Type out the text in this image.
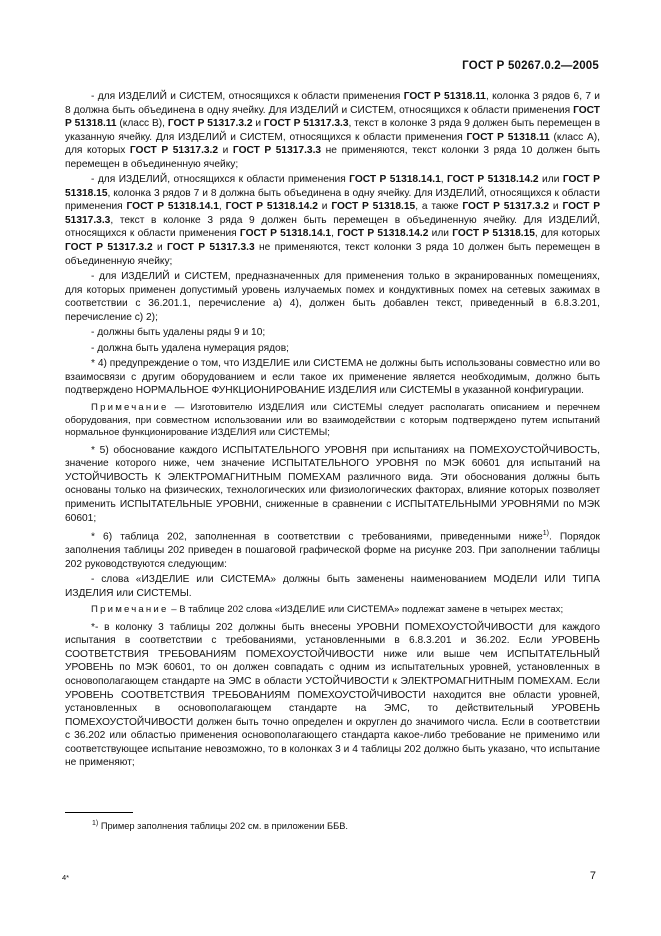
ГОСТ Р 50267.0.2—2005

- для ИЗДЕЛИЙ и СИСТЕМ, относящихся к области применения ГОСТ Р 51318.11, колонка 3 рядов 6, 7 и 8 должна быть объединена в одну ячейку. Для ИЗДЕЛИЙ и СИСТЕМ, относящихся к области применения ГОСТ Р 51318.11 (класс В), ГОСТ Р 51317.3.2 и ГОСТ Р 51317.3.3, текст в колонке 3 ряда 9 должен быть перемещен в указанную ячейку. Для ИЗДЕЛИЙ и СИСТЕМ, относящихся к области применения ГОСТ Р 51318.11 (класс А), для которых ГОСТ Р 51317.3.2 и ГОСТ Р 51317.3.3 не применяются, текст колонки 3 ряда 10 должен быть перемещен в объединенную ячейку;

- для ИЗДЕЛИЙ, относящихся к области применения ГОСТ Р 51318.14.1, ГОСТ Р 51318.14.2 или ГОСТ Р 51318.15, колонка 3 рядов 7 и 8 должна быть объединена в одну ячейку. Для ИЗДЕЛИЙ, относящихся к области применения ГОСТ Р 51318.14.1, ГОСТ Р 51318.14.2 и ГОСТ Р 51318.15, а также ГОСТ Р 51317.3.2 и ГОСТ Р 51317.3.3, текст в колонке 3 ряда 9 должен быть перемещен в объединенную ячейку. Для ИЗДЕЛИЙ, относящихся к области применения ГОСТ Р 51318.14.1, ГОСТ Р 51318.14.2 или ГОСТ Р 51318.15, для которых ГОСТ Р 51317.3.2 и ГОСТ Р 51317.3.3 не применяются, текст колонки 3 ряда 10 должен быть перемещен в объединенную ячейку;

- для ИЗДЕЛИЙ и СИСТЕМ, предназначенных для применения только в экранированных помещениях, для которых применен допустимый уровень излучаемых помех и кондуктивных помех на сетевых зажимах в соответствии с 36.201.1, перечисление а) 4), должен быть добавлен текст, приведенный в 6.8.3.201, перечисление с) 2);

- должны быть удалены ряды 9 и 10;

- должна быть удалена нумерация рядов;

* 4) предупреждение о том, что ИЗДЕЛИЕ или СИСТЕМА не должны быть использованы совместно или во взаимосвязи с другим оборудованием и если такое их применение является необходимым, должно быть подтверждено НОРМАЛЬНОЕ ФУНКЦИОНИРОВАНИЕ ИЗДЕЛИЯ или СИСТЕМЫ в указанной конфигурации.

Примечание — Изготовителю ИЗДЕЛИЯ или СИСТЕМЫ следует располагать описанием и перечнем оборудования, при совместном использовании или во взаимодействии с которым подтверждено путем испытаний нормальное функционирование ИЗДЕЛИЯ или СИСТЕМЫ;

* 5) обоснование каждого ИСПЫТАТЕЛЬНОГО УРОВНЯ при испытаниях на ПОМЕХОУСТОЙЧИВОСТЬ, значение которого ниже, чем значение ИСПЫТАТЕЛЬНОГО УРОВНЯ по МЭК 60601 для испытаний на УСТОЙЧИВОСТЬ К ЭЛЕКТРОМАГНИТНЫМ ПОМЕХАМ различного вида. Эти обоснования должны быть основаны только на физических, технологических или физиологических факторах, влияние которых позволяет применить ИСПЫТАТЕЛЬНЫЕ УРОВНИ, сниженные в сравнении с ИСПЫТАТЕЛЬНЫМИ УРОВНЯМИ по МЭК 60601;

* 6) таблица 202, заполненная в соответствии с требованиями, приведенными ниже$^{1)}$. Порядок заполнения таблицы 202 приведен в пошаговой графической форме на рисунке 203. При заполнении таблицы 202 руководствуются следующим:

- слова «ИЗДЕЛИЕ или СИСТЕМА» должны быть заменены наименованием МОДЕЛИ ИЛИ ТИПА ИЗДЕЛИЯ или СИСТЕМЫ.

Примечание – В таблице 202 слова «ИЗДЕЛИЕ или СИСТЕМА» подлежат замене в четырех местах;

*- в колонку 3 таблицы 202 должны быть внесены УРОВНИ ПОМЕХОУСТОЙЧИВОСТИ для каждого испытания в соответствии с требованиями, установленными в 6.8.3.201 и 36.202. Если УРОВЕНЬ СООТВЕТСТВИЯ ТРЕБОВАНИЯМ ПОМЕХОУСТОЙЧИВОСТИ ниже или выше чем ИСПЫТАТЕЛЬНЫЙ УРОВЕНЬ по МЭК 60601, то он должен совпадать с одним из испытательных уровней, установленных в основополагающем стандарте на ЭМС в области УСТОЙЧИВОСТИ к ЭЛЕКТРОМАГНИТНЫМ ПОМЕХАМ. Если УРОВЕНЬ СООТВЕТСТВИЯ ТРЕБОВАНИЯМ ПОМЕХОУСТОЙЧИВОСТИ находится вне области уровней, установленных в основополагающем стандарте на ЭМС, то действительный УРОВЕНЬ ПОМЕХОУСТОЙЧИВОСТИ должен быть точно определен и округлен до значимого числа. Если в соответствии с 36.202 или областью применения основополагающего стандарта какое-либо требование не применимо или соответствующее испытание невозможно, то в колонках 3 и 4 таблицы 202 должно быть указано, что испытание не применяют;

$^{1)}$ Пример заполнения таблицы 202 см. в приложении ББВ.
4*	7
